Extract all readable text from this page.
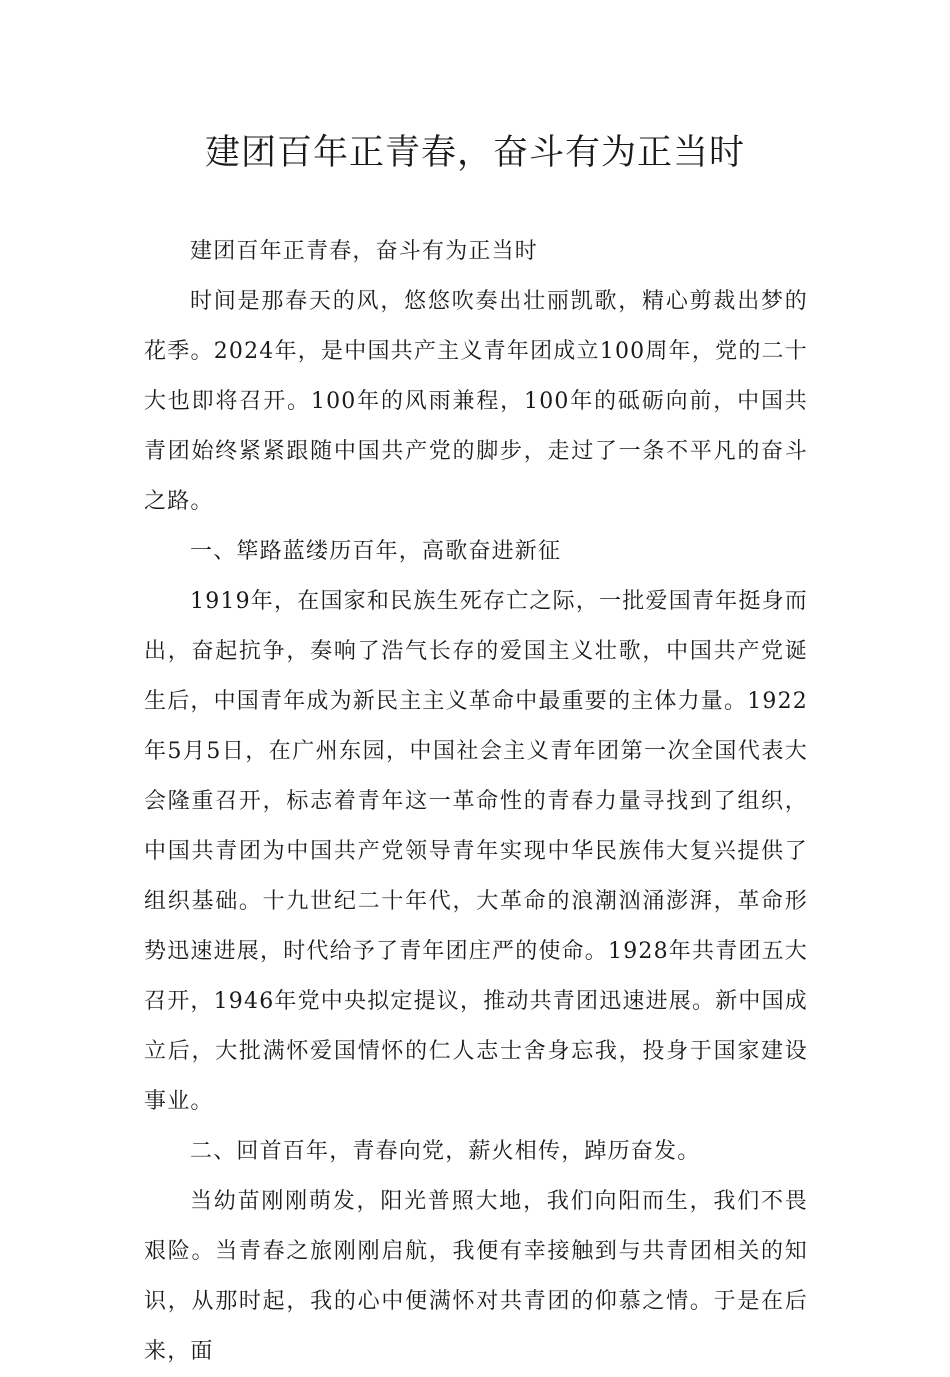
建团百年正青春，奋斗有为正当时

建团百年正青春，奋斗有为正当时

时间是那春天的风，悠悠吹奏出壮丽凯歌，精心剪裁出梦的花季。2024年，是中国共产主义青年团成立100周年，党的二十大也即将召开。100年的风雨兼程，100年的砥砺向前，中国共青团始终紧紧跟随中国共产党的脚步，走过了一条不平凡的奋斗之路。

一、筚路蓝缕历百年，高歌奋进新征

1919年，在国家和民族生死存亡之际，一批爱国青年挺身而出，奋起抗争，奏响了浩气长存的爱国主义壮歌，中国共产党诞生后，中国青年成为新民主主义革命中最重要的主体力量。1922年5月5日，在广州东园，中国社会主义青年团第一次全国代表大会隆重召开，标志着青年这一革命性的青春力量寻找到了组织，中国共青团为中国共产党领导青年实现中华民族伟大复兴提供了组织基础。十九世纪二十年代，大革命的浪潮汹涌澎湃，革命形势迅速进展，时代给予了青年团庄严的使命。1928年共青团五大召开，1946年党中央拟定提议，推动共青团迅速进展。新中国成立后，大批满怀爱国情怀的仁人志士舍身忘我，投身于国家建设事业。

二、回首百年，青春向党，薪火相传，踔历奋发。

当幼苗刚刚萌发，阳光普照大地，我们向阳而生，我们不畏艰险。当青春之旅刚刚启航，我便有幸接触到与共青团相关的知识，从那时起，我的心中便满怀对共青团的仰慕之情。于是在后来，面
